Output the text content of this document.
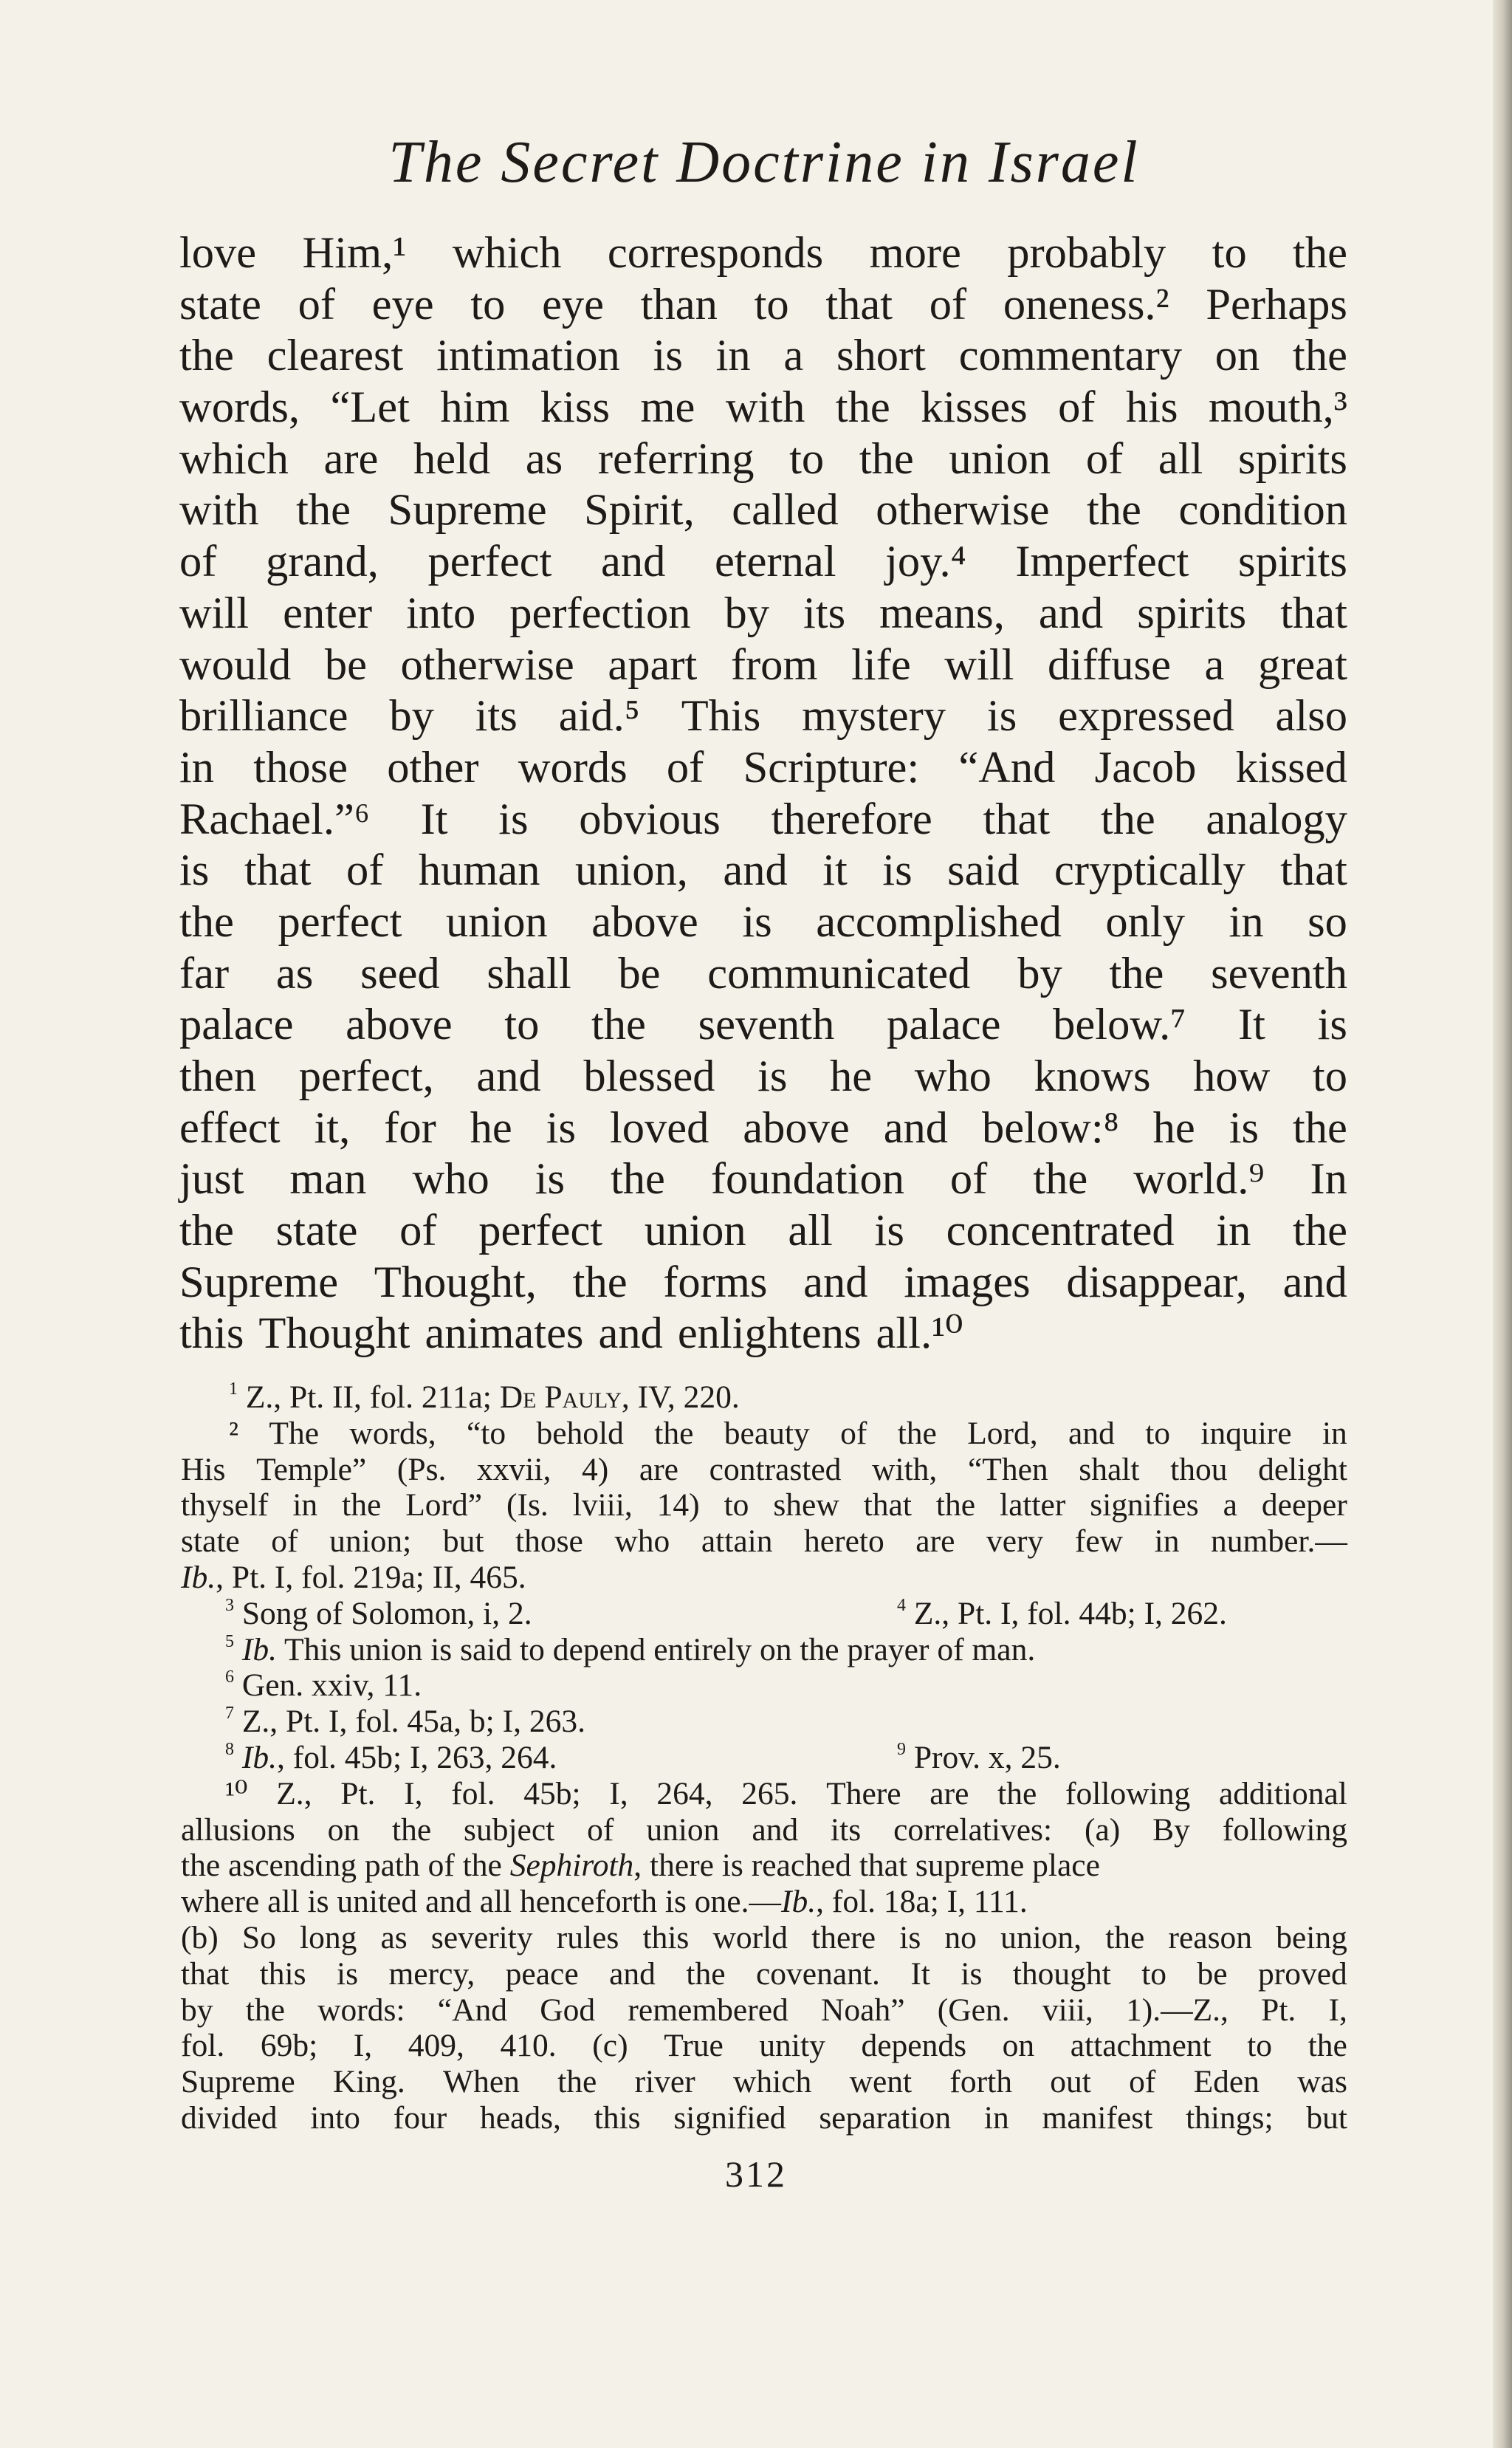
The Secret Doctrine in Israel
love Him,¹ which corresponds more probably to the
state of eye to eye than to that of oneness.² Perhaps
the clearest intimation is in a short commentary on the
words, “Let him kiss me with the kisses of his mouth,³
which are held as referring to the union of all spirits
with the Supreme Spirit, called otherwise the condition
of grand, perfect and eternal joy.⁴ Imperfect spirits
will enter into perfection by its means, and spirits that
would be otherwise apart from life will diffuse a great
brilliance by its aid.⁵ This mystery is expressed also
in those other words of Scripture: “And Jacob kissed
Rachael.”⁶ It is obvious therefore that the analogy
is that of human union, and it is said cryptically that
the perfect union above is accomplished only in so
far as seed shall be communicated by the seventh
palace above to the seventh palace below.⁷ It is
then perfect, and blessed is he who knows how to
effect it, for he is loved above and below:⁸ he is the
just man who is the foundation of the world.⁹ In
the state of perfect union all is concentrated in the
Supreme Thought, the forms and images disappear, and
this Thought animates and enlightens all.¹⁰
$^1$ Z., Pt. II, fol. 211a; De Pauly, IV, 220.
² The words, “to behold the beauty of the Lord, and to inquire in
His Temple” (Ps. xxvii, 4) are contrasted with, “Then shalt thou delight
thyself in the Lord” (Is. lviii, 14) to shew that the latter signifies a deeper
state of union; but those who attain hereto are very few in number.—
Ib., Pt. I, fol. 219a; II, 465.
$^3$ Song of Solomon, i, 2.	$^4$ Z., Pt. I, fol. 44b; I, 262.
$^5$ Ib. This union is said to depend entirely on the prayer of man.
$^6$ Gen. xxiv, 11.
$^7$ Z., Pt. I, fol. 45a, b; I, 263.
$^8$ Ib., fol. 45b; I, 263, 264.	$^9$ Prov. x, 25.
¹⁰ Z., Pt. I, fol. 45b; I, 264, 265. There are the following additional
allusions on the subject of union and its correlatives: (a) By following
the ascending path of the Sephiroth, there is reached that supreme place
where all is united and all henceforth is one.—Ib., fol. 18a; I, 111.
(b) So long as severity rules this world there is no union, the reason being
that this is mercy, peace and the covenant. It is thought to be proved
by the words: “And God remembered Noah” (Gen. viii, 1).—Z., Pt. I,
fol. 69b; I, 409, 410. (c) True unity depends on attachment to the
Supreme King. When the river which went forth out of Eden was
divided into four heads, this signified separation in manifest things; but
312
